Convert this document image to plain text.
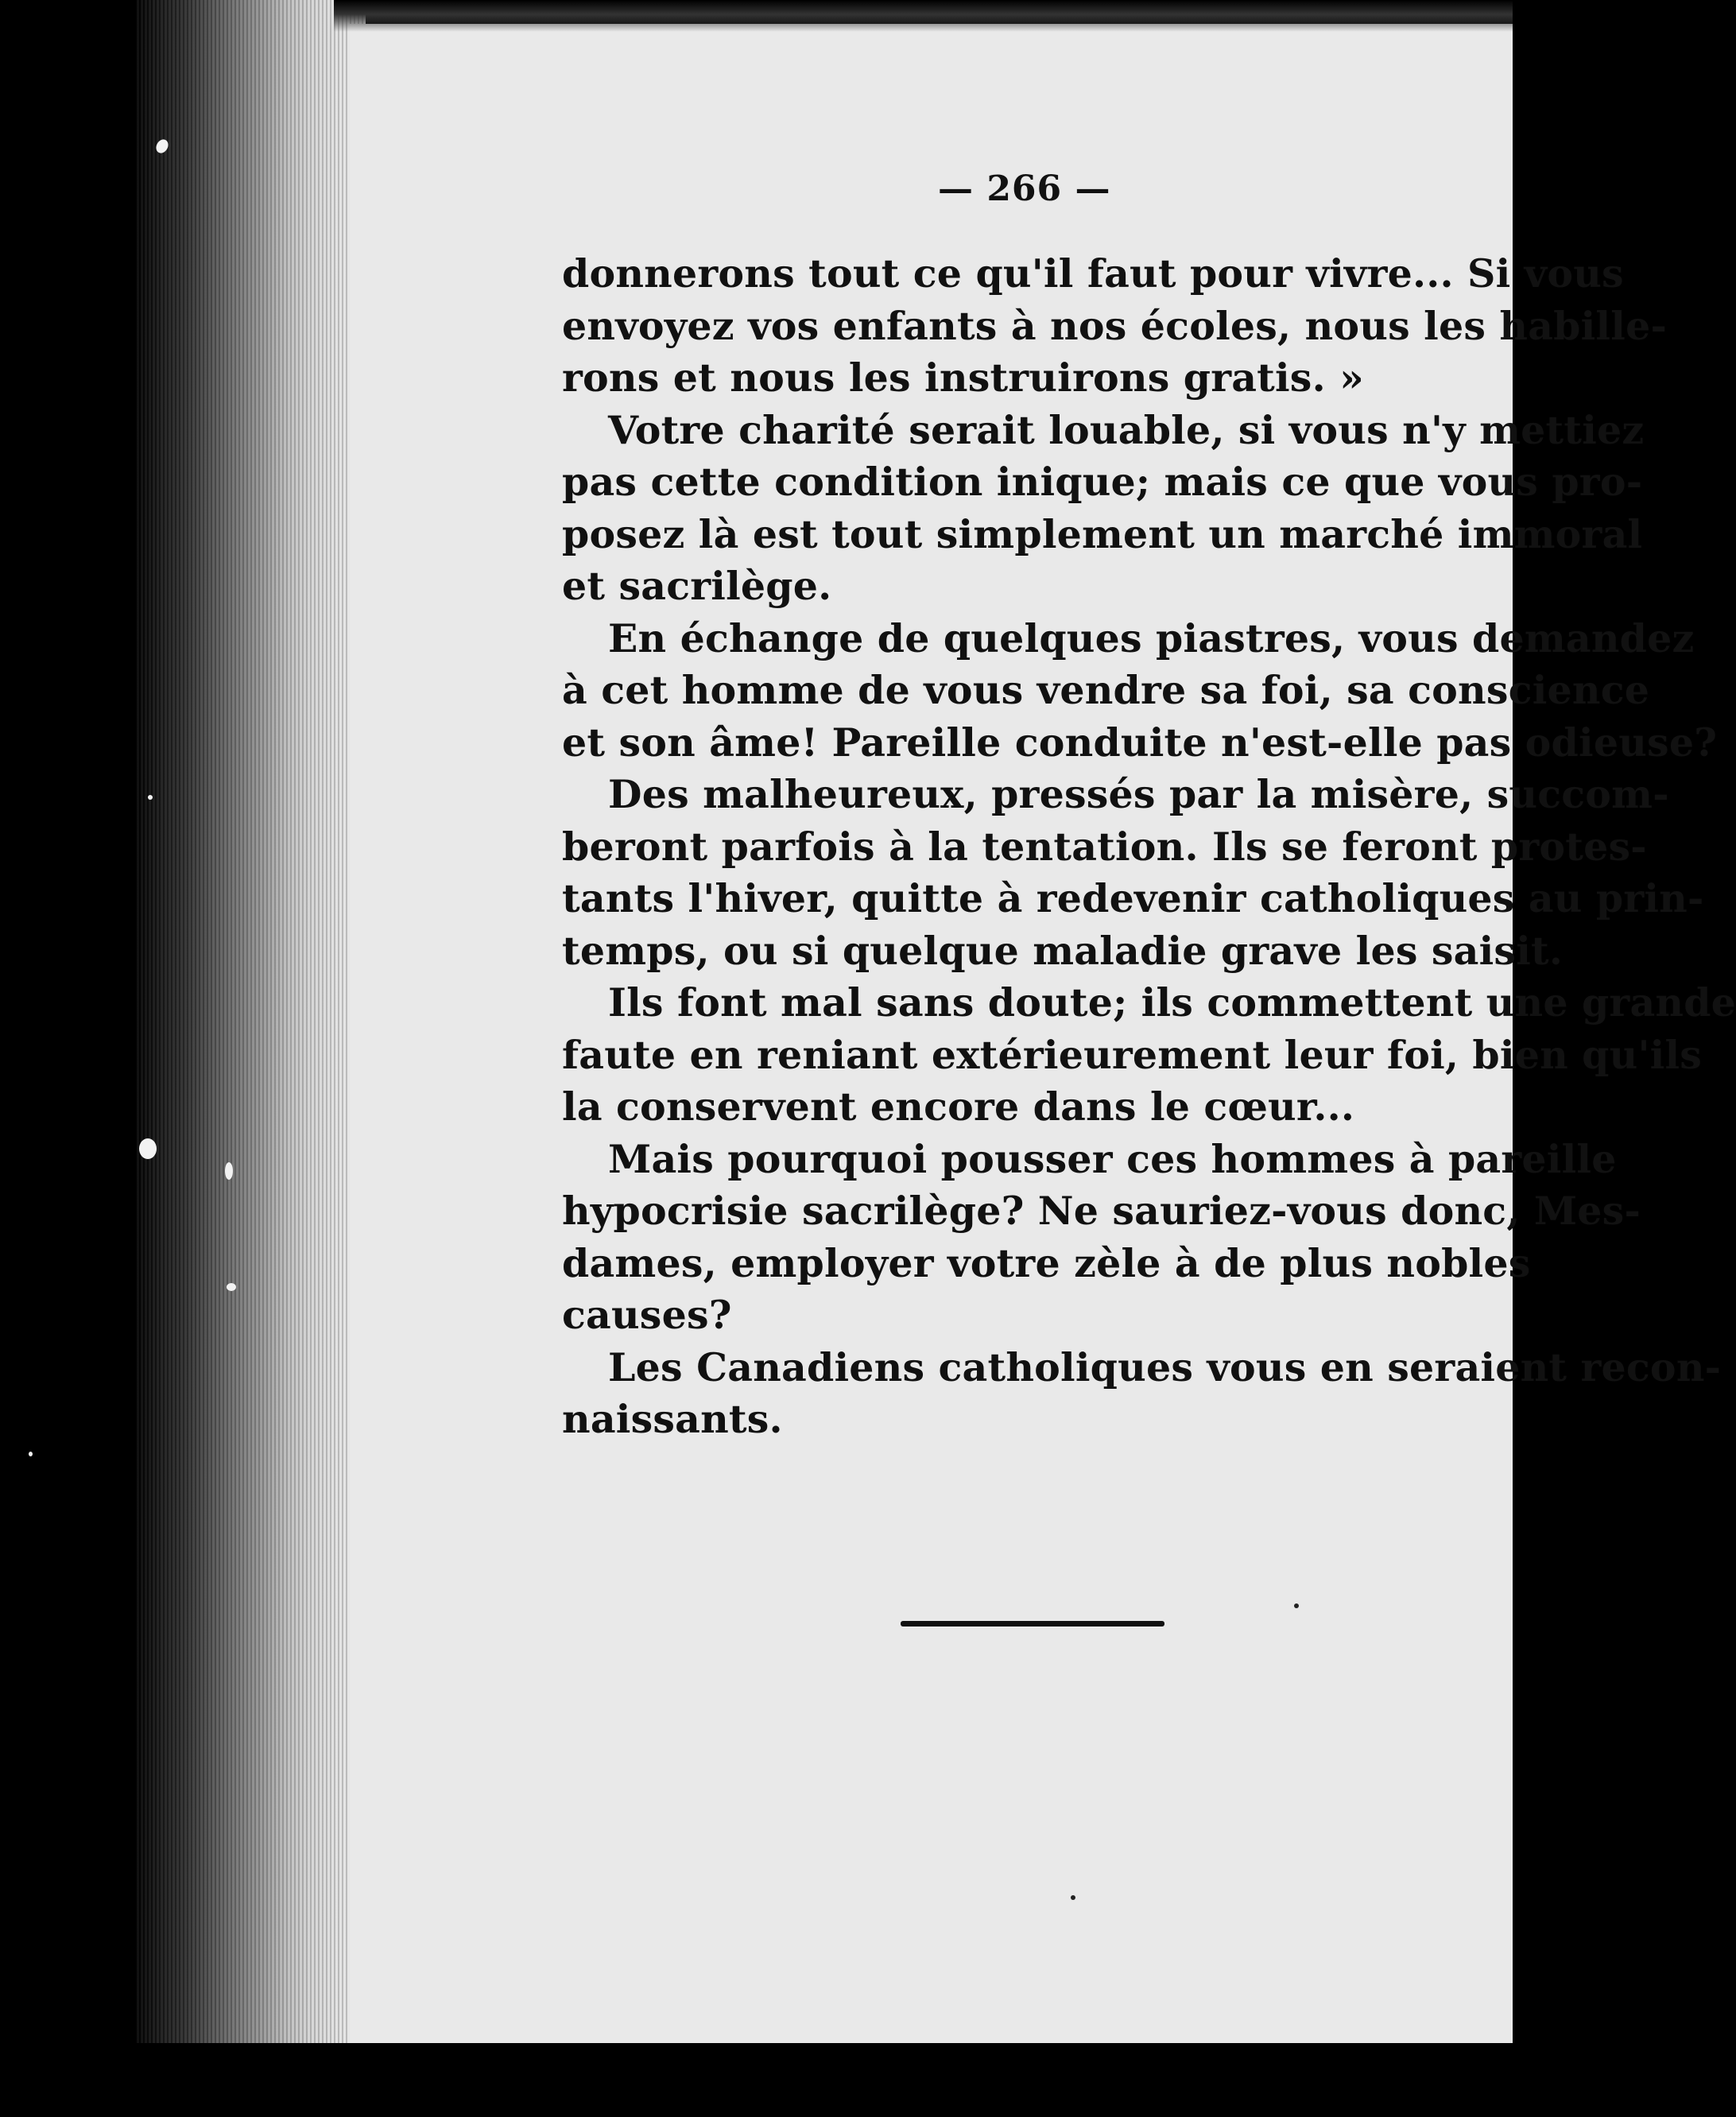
— 266 —
donnerons tout ce qu'il faut pour vivre... Si vous
envoyez vos enfants à nos écoles, nous les habille-
rons et nous les instruirons gratis. »
Votre charité serait louable, si vous n'y mettiez
pas cette condition inique; mais ce que vous pro-
posez là est tout simplement un marché immoral
et sacrilège.
En échange de quelques piastres, vous demandez
à cet homme de vous vendre sa foi, sa conscience
et son âme! Pareille conduite n'est-elle pas odieuse?
Des malheureux, pressés par la misère, succom-
beront parfois à la tentation. Ils se feront protes-
tants l'hiver, quitte à redevenir catholiques au prin-
temps, ou si quelque maladie grave les saisit.
Ils font mal sans doute; ils commettent une grande
faute en reniant extérieurement leur foi, bien qu'ils
la conservent encore dans le cœur...
Mais pourquoi pousser ces hommes à pareille
hypocrisie sacrilège? Ne sauriez-vous donc, Mes-
dames, employer votre zèle à de plus nobles
causes?
Les Canadiens catholiques vous en seraient recon-
naissants.
